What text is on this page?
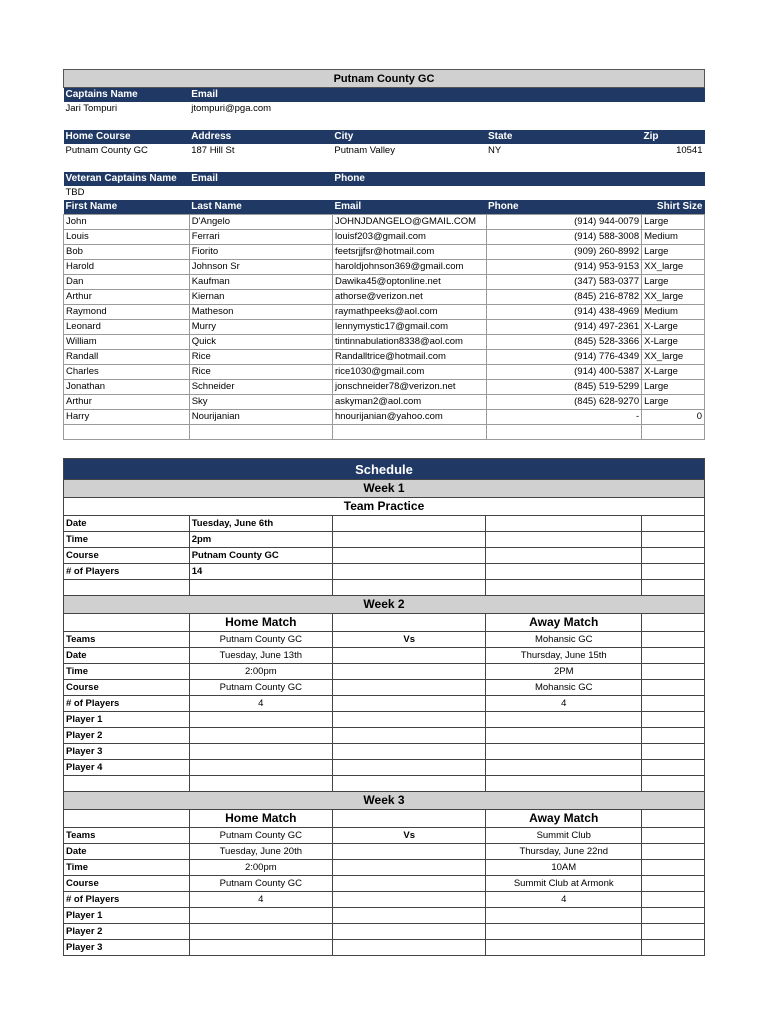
Putnam County GC				
Captains Name	Email			
Jari Tompuri	jtompuri@pga.com			

Home Course	Address	City	State	Zip
Putnam County GC	187 Hill St	Putnam Valley	NY	10541

Veteran Captains Name	Email	Phone		
TBD				
First Name	Last Name	Email	Phone	Shirt Size
John	D'Angelo	JOHNJDANGELO@GMAIL.COM	(914) 944-0079	Large
Louis	Ferrari	louisf203@gmail.com	(914) 588-3008	Medium
Bob	Fiorito	feetsrjjfsr@hotmail.com	(909) 260-8992	Large
Harold	Johnson Sr	haroldjohnson369@gmail.com	(914) 953-9153	XX_large
Dan	Kaufman	Dawika45@optonline.net	(347) 583-0377	Large
Arthur	Kiernan	athorse@verizon.net	(845) 216-8782	XX_large
Raymond	Matheson	raymathpeeks@aol.com	(914) 438-4969	Medium
Leonard	Murry	lennymystic17@gmail.com	(914) 497-2361	X-Large
William	Quick	tintinnabulation8338@aol.com	(845) 528-3366	X-Large
Randall	Rice	Randalltrice@hotmail.com	(914) 776-4349	XX_large
Charles	Rice	rice1030@gmail.com	(914) 400-5387	X-Large
Jonathan	Schneider	jonschneider78@verizon.net	(845) 519-5299	Large
Arthur	Sky	askyman2@aol.com	(845) 628-9270	Large
Harry	Nourijanian	hnourijanian@yahoo.com	-	0

Schedule				
Week 1				
Team Practice				
Date	Tuesday, June 6th			
Time	2pm			
Course	Putnam County GC			
# of Players	14			

Week 2				
	Home Match		Away Match	
Teams	Putnam County GC	Vs	Mohansic GC	
Date	Tuesday, June 13th		Thursday, June 15th	
Time	2:00pm		2PM	
Course	Putnam County GC		Mohansic GC	
# of Players	4		4	
Player 1				
Player 2				
Player 3				
Player 4				

Week 3				
	Home Match		Away Match	
Teams	Putnam County GC	Vs	Summit Club	
Date	Tuesday, June 20th		Thursday, June 22nd	
Time	2:00pm		10AM	
Course	Putnam County GC		Summit Club at Armonk	
# of Players	4		4	
Player 1				
Player 2				
Player 3				
